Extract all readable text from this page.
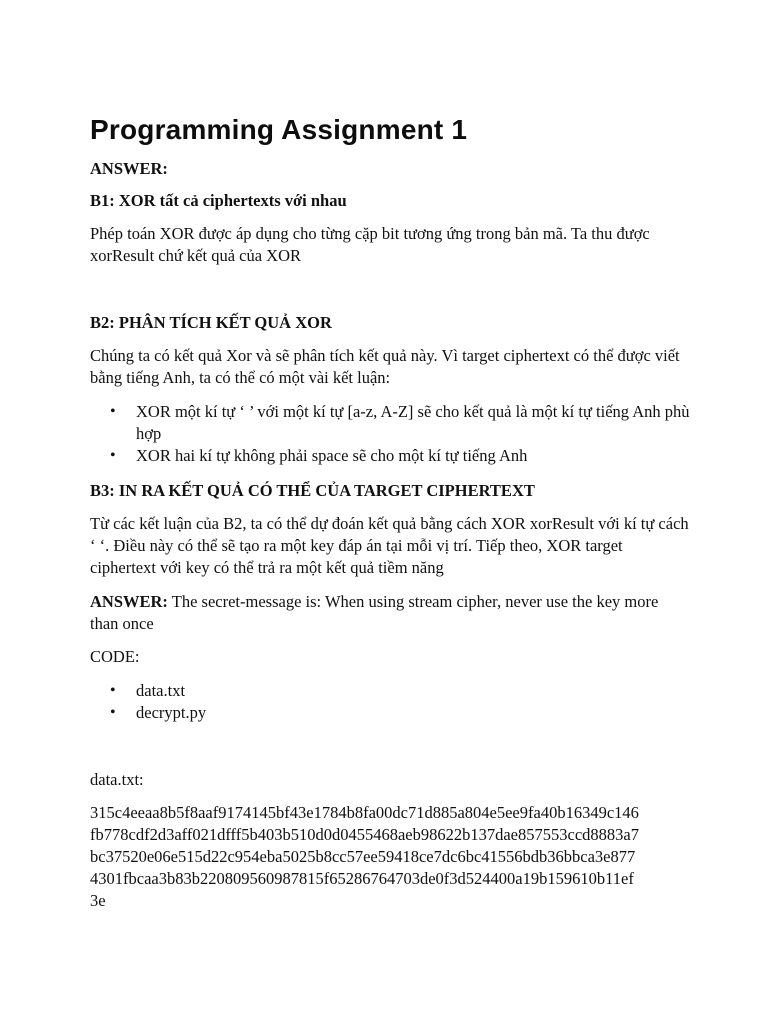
Programming Assignment 1

ANSWER:

B1: XOR tất cả ciphertexts với nhau

Phép toán XOR được áp dụng cho từng cặp bit tương ứng trong bản mã. Ta thu được xorResult chứ kết quả của XOR

B2: PHÂN TÍCH KẾT QUẢ XOR

Chúng ta có kết quả Xor và sẽ phân tích kết quả này. Vì target ciphertext có thể được viết bằng tiếng Anh, ta có thể có một vài kết luận:

• XOR một kí tự ‘ ’ với một kí tự [a-z, A-Z] sẽ cho kết quả là một kí tự tiếng Anh phù hợp
• XOR hai kí tự không phải space sẽ cho một kí tự tiếng Anh

B3: IN RA KẾT QUẢ CÓ THỂ CỦA TARGET CIPHERTEXT

Từ các kết luận của B2, ta có thể dự đoán kết quả bằng cách XOR xorResult với kí tự cách ‘ ‘. Điều này có thể sẽ tạo ra một key đáp án tại mỗi vị trí. Tiếp theo, XOR target ciphertext với key có thể trả ra một kết quả tiềm năng

ANSWER: The secret-message is: When using stream cipher, never use the key more than once

CODE:

• data.txt
• decrypt.py

data.txt:

315c4eeaa8b5f8aaf9174145bf43e1784b8fa00dc71d885a804e5ee9fa40b16349c146
fb778cdf2d3aff021dfff5b403b510d0d0455468aeb98622b137dae857553ccd8883a7
bc37520e06e515d22c954eba5025b8cc57ee59418ce7dc6bc41556bdb36bbca3e877
4301fbcaa3b83b220809560987815f65286764703de0f3d524400a19b159610b11ef
3e
